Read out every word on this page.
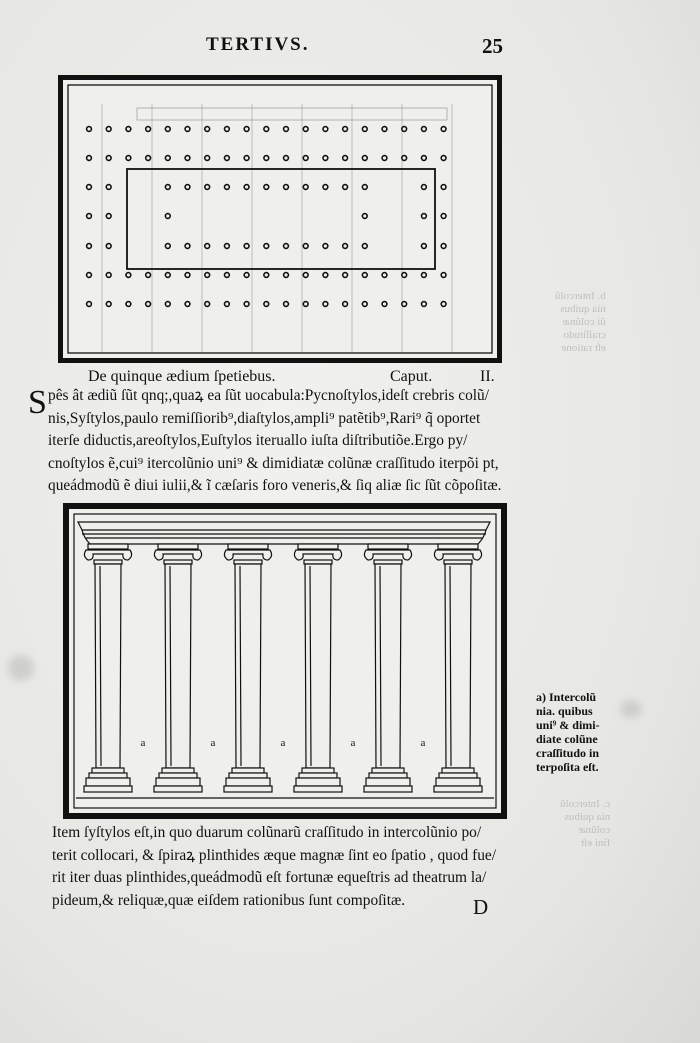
TERTIVS.	25
b. Intercolũ
nia quibus
ũi colũnæ
craſſitudo
eſt ratione
c. Intercolũ
nia quibus
colũnæ
fini eſt
De quinque ædium ſpetiebus.	Caput.	II.
S pês ât ædiũ ſũt qnq;,quaꝝ ea ſũt uocabula:Pycnoſtylos,ideſt crebris colũ/
nis,Syſtylos,paulo remiſſiorib⁹,diaſtylos,ampli⁹ patẽtib⁹,Rari⁹ q̃ oportet
iterſe diductis,areoſtylos,Euſtylos iteruallo iuſta diſtributiõe.Ergo py/
cnoſtylos ẽ,cui⁹ itercolũnio uni⁹ & dimidiatæ colũnæ craſſitudo iterpõi pt,
queádmodũ ẽ diui iulii,& ĩ cæſaris foro veneris,& ſiq aliæ ſic ſũt cõpoſitæ.
a	a	a	a	a
a) Intercolũ
nia. quibus
uni⁹ & dimi-
diate colũne
craſſitudo in
terpoſita eſt.
Item ſyſtylos eſt,in quo duarum colũnarũ craſſitudo in intercolũnio po/
terit collocari, & ſpiraꝝ plinthides æque magnæ ſint eo ſpatio , quod fue/
rit iter duas plinthides,queádmodũ eſt fortunæ equeſtris ad theatrum la/
pideum,& reliquæ,quæ eiſdem rationibus ſunt compoſitæ.	D
